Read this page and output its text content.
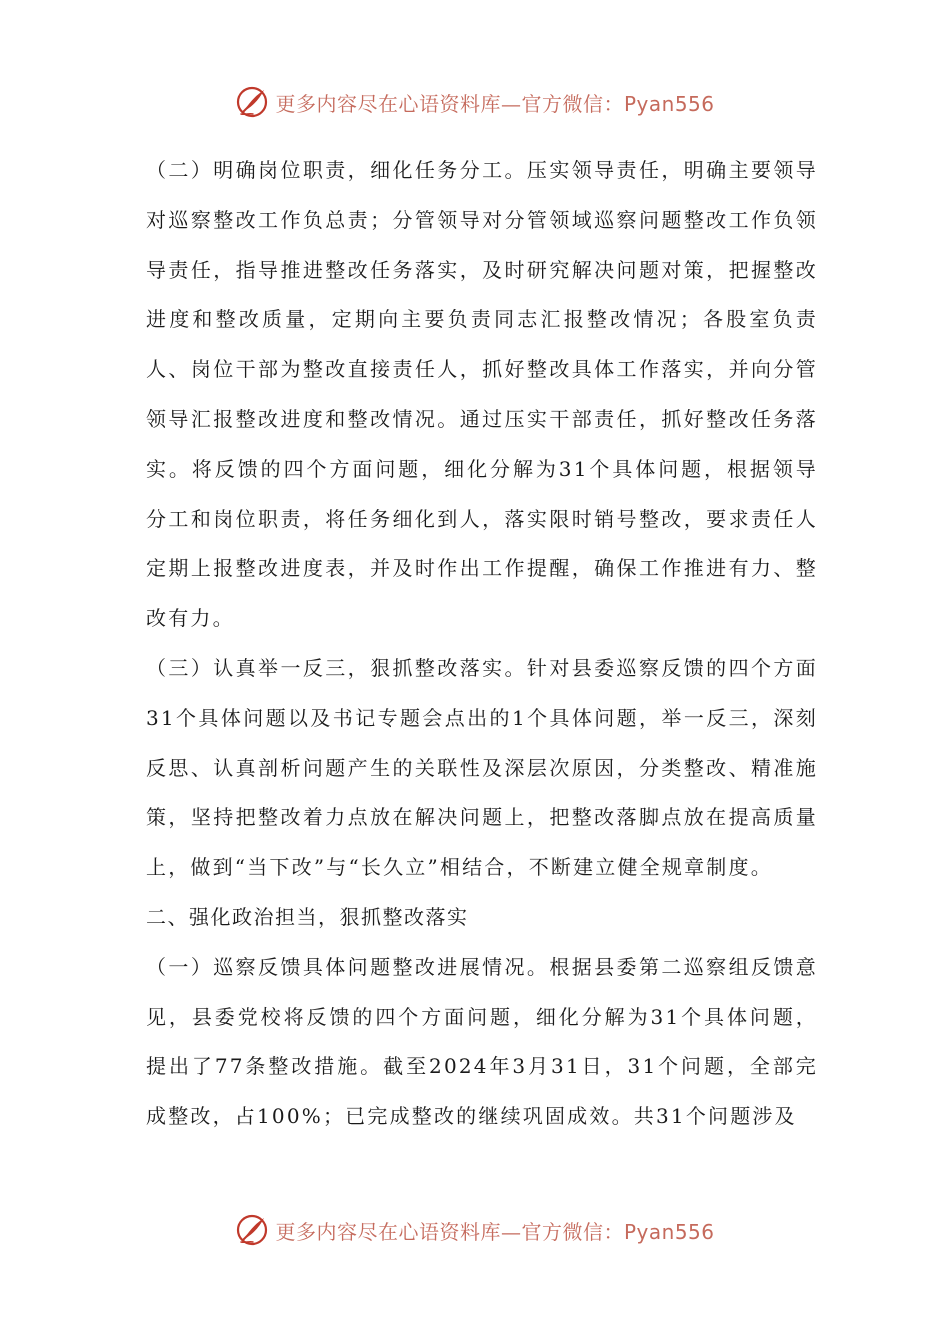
更多内容尽在心语资料库—官方微信：Pyan556

（二）明确岗位职责，细化任务分工。压实领导责任，明确主要领导对巡察整改工作负总责；分管领导对分管领域巡察问题整改工作负领导责任，指导推进整改任务落实，及时研究解决问题对策，把握整改进度和整改质量，定期向主要负责同志汇报整改情况；各股室负责人、岗位干部为整改直接责任人，抓好整改具体工作落实，并向分管领导汇报整改进度和整改情况。通过压实干部责任，抓好整改任务落实。将反馈的四个方面问题，细化分解为31个具体问题，根据领导分工和岗位职责，将任务细化到人，落实限时销号整改，要求责任人定期上报整改进度表，并及时作出工作提醒，确保工作推进有力、整改有力。

（三）认真举一反三，狠抓整改落实。针对县委巡察反馈的四个方面31个具体问题以及书记专题会点出的1个具体问题，举一反三，深刻反思、认真剖析问题产生的关联性及深层次原因，分类整改、精准施策，坚持把整改着力点放在解决问题上，把整改落脚点放在提高质量上，做到“当下改”与“长久立”相结合，不断建立健全规章制度。

二、强化政治担当，狠抓整改落实

（一）巡察反馈具体问题整改进展情况。根据县委第二巡察组反馈意见，县委党校将反馈的四个方面问题，细化分解为31个具体问题，提出了77条整改措施。截至2024年3月31日，31个问题，全部完成整改，占100%；已完成整改的继续巩固成效。共31个问题涉及

更多内容尽在心语资料库—官方微信：Pyan556
